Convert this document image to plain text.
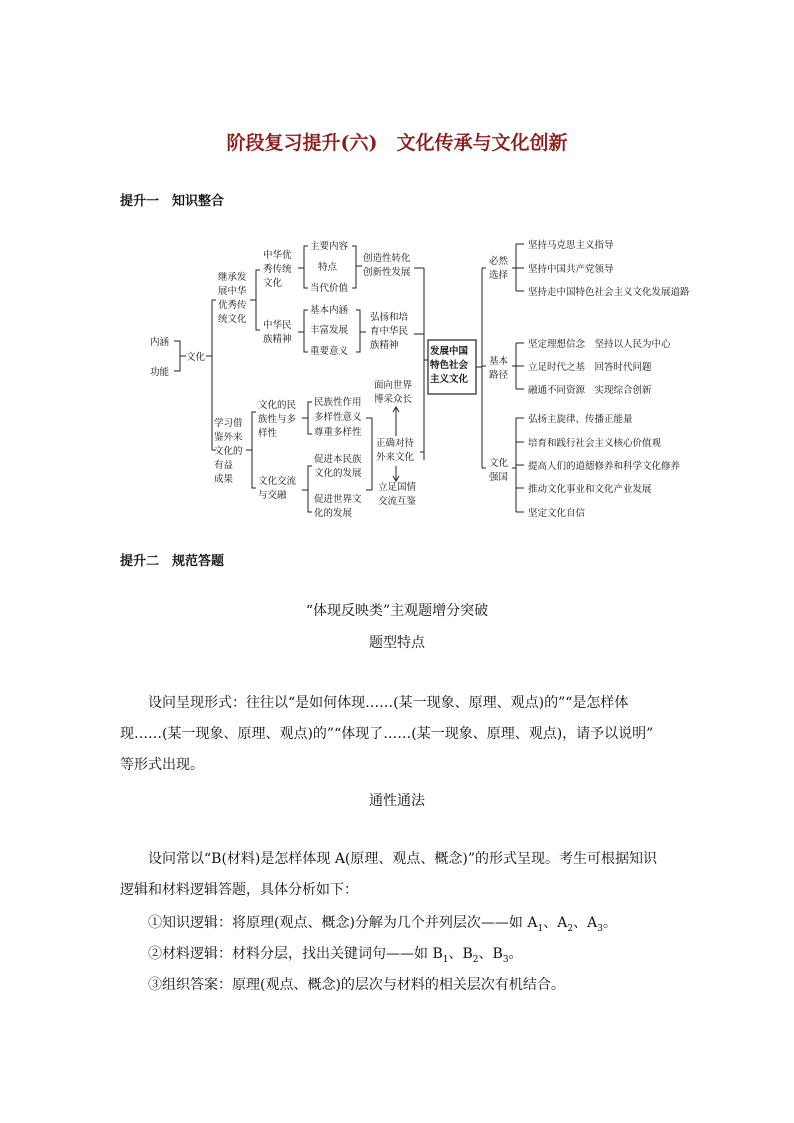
阶段复习提升(六)　文化传承与文化创新
提升一　知识整合
内涵
功能
文化
继承发
展中华
优秀传
统文化
中华优
秀传统
文化
主要内容
特点
当代价值
创造性转化
创新性发展
中华民
族精神
基本内涵
丰富发展
重要意义
弘扬和培
育中华民
族精神
学习借
鉴外来
文化的
有益
成果
文化的民
族性与多
样性
民族性作用
多样性意义
尊重多样性
文化交流
与交融
促进本民族
文化的发展
促进世界文
化的发展
面向世界
博采众长
正确对待
外来文化
立足国情
交流互鉴
发展中国
特色社会
主义文化
必然
选择
坚持马克思主义指导
坚持中国共产党领导
坚持走中国特色社会主义文化发展道路
基本
路径
坚定理想信念　坚持以人民为中心
立足时代之基　回答时代问题
融通不同资源　实现综合创新
文化
强国
弘扬主旋律、传播正能量
培育和践行社会主义核心价值观
提高人们的道德修养和科学文化修养
推动文化事业和文化产业发展
坚定文化自信
提升二　规范答题
“体现反映类”主观题增分突破
题型特点
设问呈现形式：往往以“是如何体现……(某一现象、原理、观点)的”“是怎样体
现……(某一现象、原理、观点)的”“体现了……(某一现象、原理、观点)，请予以说明”
等形式出现。
通性通法
设问常以“B(材料)是怎样体现 A(原理、观点、概念)”的形式呈现。考生可根据知识
逻辑和材料逻辑答题，具体分析如下：
①知识逻辑：将原理(观点、概念)分解为几个并列层次——如 $A_1$、$A_2$、$A_3$。
②材料逻辑：材料分层，找出关键词句——如 $B_1$、$B_2$、$B_3$。
③组织答案：原理(观点、概念)的层次与材料的相关层次有机结合。
